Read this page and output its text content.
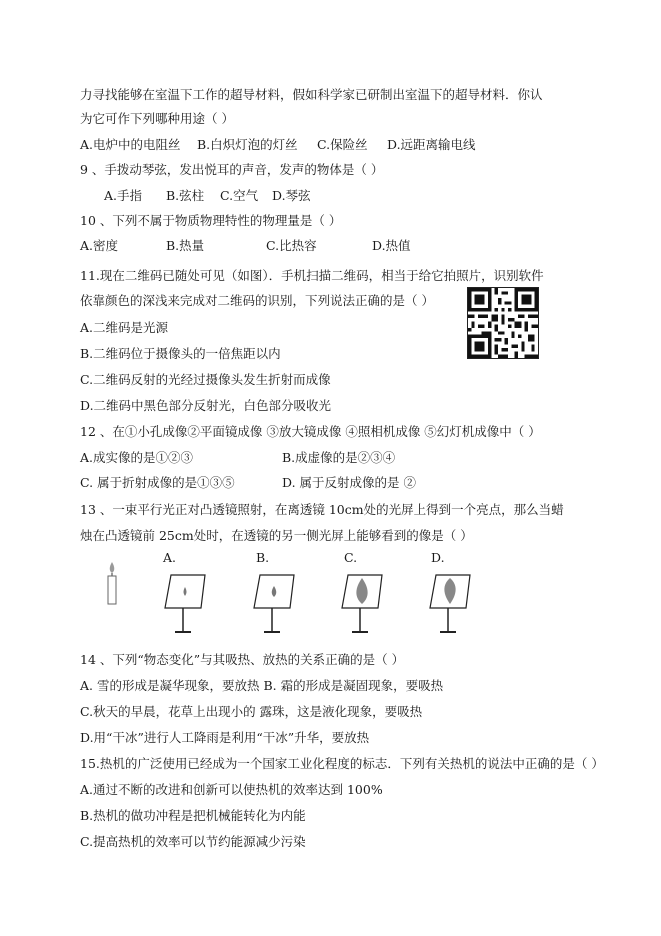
力寻找能够在室温下工作的超导材料，假如科学家已研制出室温下的超导材料．你认
为它可作下列哪种用途（ ）
A.电炉中的电阻丝 B.白炽灯泡的灯丝 C.保险丝 D.远距离输电线
9 、手拨动琴弦，发出悦耳的声音，发声的物体是（ ）
A.手指 B.弦柱 C.空气 D.琴弦
10 、下列不属于物质物理特性的物理量是（ ）
A.密度	B.热量	C.比热容	D.热值
11.现在二维码已随处可见（如图）．手机扫描二维码，相当于给它拍照片，识别软件
依靠颜色的深浅来完成对二维码的识别，下列说法正确的是（ ）
A.二维码是光源
B.二维码位于摄像头的一倍焦距以内
C.二维码反射的光经过摄像头发生折射而成像
D.二维码中黑色部分反射光，白色部分吸收光
12 、在①小孔成像②平面镜成像 ③放大镜成像 ④照相机成像 ⑤幻灯机成像中（ ）
A.成实像的是①②③	B.成虚像的是②③④
C. 属于折射成像的是①③⑤	D. 属于反射成像的是 ②
13 、一束平行光正对凸透镜照射，在离透镜 10cm处的光屏上得到一个亮点，那么当蜡
烛在凸透镜前 25cm处时，在透镜的另一侧光屏上能够看到的像是（ ）
A.	B.	C.	D.
14 、下列“物态变化”与其吸热、放热的关系正确的是（ ）
A. 雪的形成是凝华现象，要放热 B. 霜的形成是凝固现象，要吸热
C.秋天的早晨，花草上出现小的 露珠，这是液化现象，要吸热
D.用“干冰”进行人工降雨是利用“干冰”升华，要放热
15.热机的广泛使用已经成为一个国家工业化程度的标志．下列有关热机的说法中正确的是（ ）
A.通过不断的改进和创新可以使热机的效率达到 100%
B.热机的做功冲程是把机械能转化为内能
C.提高热机的效率可以节约能源减少污染
